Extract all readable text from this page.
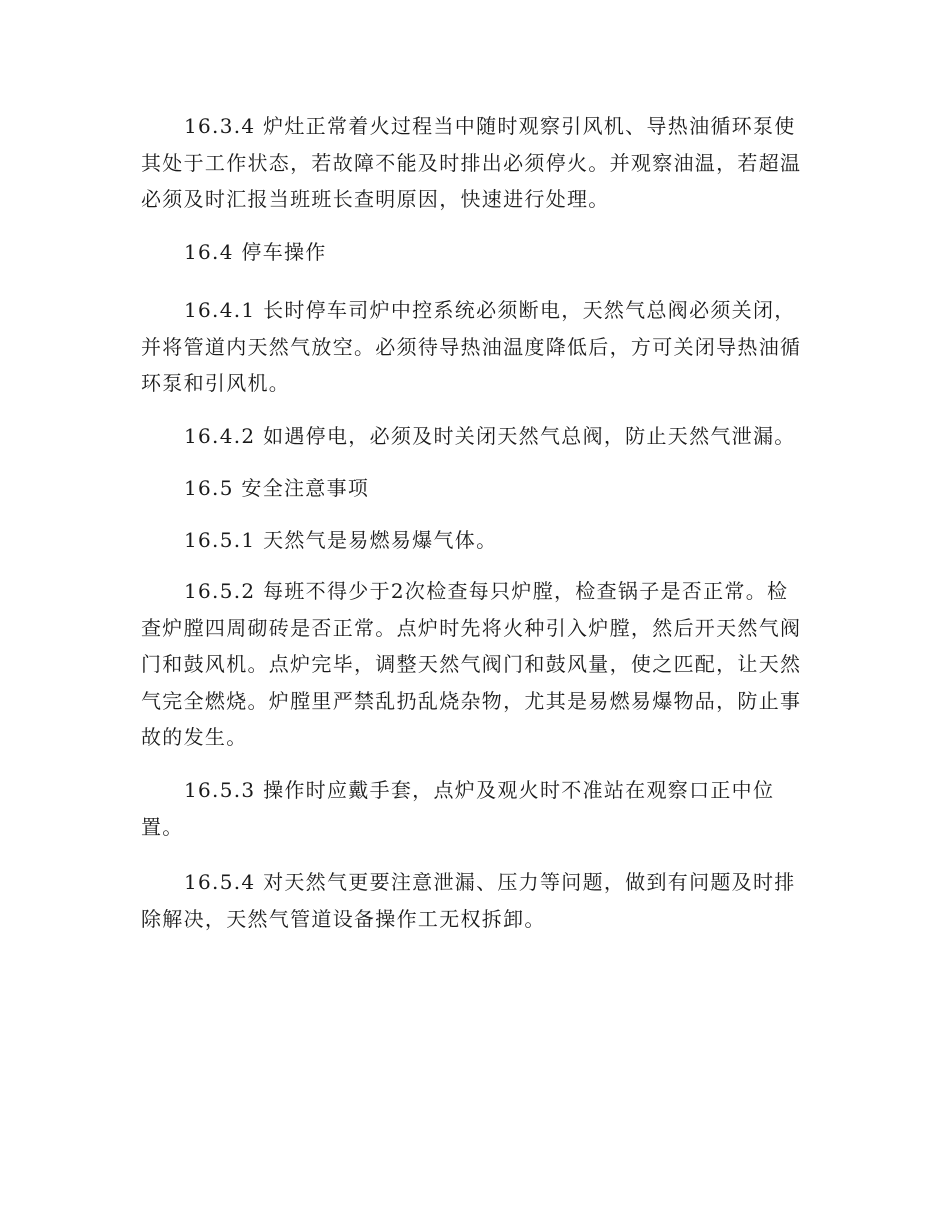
16.3.4 炉灶正常着火过程当中随时观察引风机、导热油循环泵使其处于工作状态，若故障不能及时排出必须停火。并观察油温，若超温必须及时汇报当班班长查明原因，快速进行处理。

16.4 停车操作

16.4.1 长时停车司炉中控系统必须断电，天然气总阀必须关闭，并将管道内天然气放空。必须待导热油温度降低后，方可关闭导热油循环泵和引风机。

16.4.2 如遇停电，必须及时关闭天然气总阀，防止天然气泄漏。

16.5 安全注意事项

16.5.1 天然气是易燃易爆气体。

16.5.2 每班不得少于2次检查每只炉膛，检查锅子是否正常。检查炉膛四周砌砖是否正常。点炉时先将火种引入炉膛，然后开天然气阀门和鼓风机。点炉完毕，调整天然气阀门和鼓风量，使之匹配，让天然气完全燃烧。炉膛里严禁乱扔乱烧杂物，尤其是易燃易爆物品，防止事故的发生。

16.5.3 操作时应戴手套，点炉及观火时不准站在观察口正中位置。

16.5.4 对天然气更要注意泄漏、压力等问题，做到有问题及时排除解决，天然气管道设备操作工无权拆卸。
